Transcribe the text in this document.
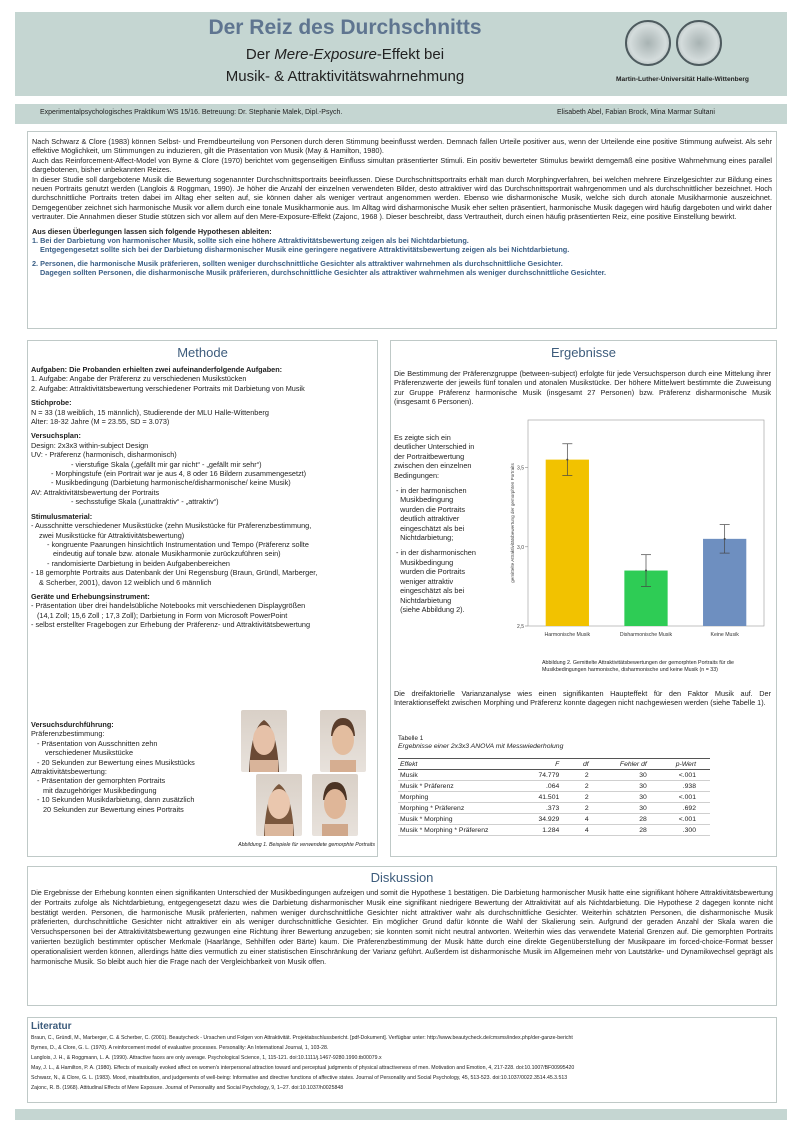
Der Reiz des Durchschnitts
Der Mere-Exposure-Effekt bei
Musik- & Attraktivitätswahrnehmung	Martin-Luther-Universität Halle-Wittenberg
Experimentalpsychologisches Praktikum WS 15/16. Betreuung: Dr. Stephanie Malek, Dipl.-Psych.	Elisabeth Abel, Fabian Brock, Mina Marmar Sultani
Nach Schwarz & Clore (1983) können Selbst- und Fremdbeurteilung von Personen durch deren Stimmung beeinflusst werden. Demnach fallen Urteile positiver aus, wenn der Urteilende eine positive Stimmung aufweist. Als sehr effektive Möglichkeit, um Stimmungen zu induzieren, gilt die Präsentation von Musik (May & Hamilton, 1980).
Auch das Reinforcement-Affect-Model von Byrne & Clore (1970) berichtet vom gegenseitigen Einfluss simultan präsentierter Stimuli. Ein positiv bewerteter Stimulus bewirkt demgemäß eine positive Wahrnehmung eines parallel dargebotenen, bisher unbekannten Reizes.
In dieser Studie soll dargebotene Musik die Bewertung sogenannter Durchschnittsportraits beeinflussen. Diese Durchschnittsportraits erhält man durch Morphingverfahren, bei welchen mehrere Einzelgesichter zur Bildung eines neuen Portraits genutzt werden (Langlois & Roggman, 1990). Je höher die Anzahl der einzelnen verwendeten Bilder, desto attraktiver wird das Durchschnittsportrait wahrgenommen und als durchschnittlicher bezeichnet. Hoch durchschnittliche Portraits treten dabei im Alltag eher selten auf, sie können daher als weniger vertraut angenommen werden. Ebenso wie disharmonische Musik, welche sich durch atonale Musikharmonie auszeichnet. Demgegenüber zeichnet sich harmonische Musik vor allem durch eine tonale Musikharmonie aus. Im Alltag wird disharmonische Musik eher selten präsentiert, harmonische Musik dagegen wird häufig dargeboten und wirkt daher vertrauter. Die Annahmen dieser Studie stützen sich vor allem auf den Mere-Exposure-Effekt (Zajonc, 1968 ). Dieser beschreibt, dass Vertrautheit, durch einen häufig präsentierten Reiz, eine positive Einstellung bewirkt.
Aus diesen Überlegungen lassen sich folgende Hypothesen ableiten:
1. Bei der Darbietung von harmonischer Musik, sollte sich eine höhere Attraktivitätsbewertung zeigen als bei Nichtdarbietung.
Entgegengesetzt sollte sich bei der Darbietung disharmonischer Musik eine geringere negativere Attraktivitätsbewertung zeigen als bei Nichtdarbietung.
2. Personen, die harmonische Musik präferieren, sollten weniger durchschnittliche Gesichter als attraktiver wahrnehmen als durchschnittliche Gesichter.
Dagegen sollten Personen, die disharmonische Musik präferieren, durchschnittliche Gesichter als attraktiver wahrnehmen als weniger durchschnittliche Gesichter.
Methode
Aufgaben: Die Probanden erhielten zwei aufeinanderfolgende Aufgaben:
1. Aufgabe: Angabe der Präferenz zu verschiedenen Musikstücken
2. Aufgabe: Attraktivitätsbewertung verschiedener Portraits mit Darbietung von Musik
Stichprobe:
N = 33 (18 weiblich, 15 männlich), Studierende der MLU Halle-Wittenberg
Alter: 18-32 Jahre (M = 23.55, SD = 3.073)
Versuchsplan:
Design: 2x3x3 within-subject Design
UV: - Präferenz (harmonisch, disharmonisch)
- vierstufige Skala („gefällt mir gar nicht“ - „gefällt mir sehr“)
- Morphingstufe (ein Portrait war je aus 4, 8 oder 16 Bildern zusammengesetzt)
- Musikbedingung (Darbietung harmonische/disharmonische/ keine Musik)
AV: Attraktivitätsbewertung der Portraits
- sechsstufige Skala („unattraktiv“ - „attraktiv“)
Stimulusmaterial:
- Ausschnitte verschiedener Musikstücke (zehn Musikstücke für Präferenzbestimmung,
zwei Musikstücke für Attraktivitätsbewertung)
- kongruente Paarungen hinsichtlich Instrumentation und Tempo (Präferenz sollte
eindeutig auf tonale bzw. atonale Musikharmonie zurückzuführen sein)
- randomisierte Darbietung in beiden Aufgabenbereichen
- 18 gemorphte Portraits aus Datenbank der Uni Regensburg (Braun, Gründl, Marberger,
& Scherber, 2001), davon 12 weiblich und 6 männlich
Geräte und Erhebungsinstrument:
- Präsentation über drei handelsübliche Notebooks mit verschiedenen Displaygrößen
(14,1 Zoll; 15,6 Zoll ; 17,3 Zoll); Darbietung in Form von Microsoft PowerPoint
- selbst erstellter Fragebogen zur Erhebung der Präferenz- und Attraktivitätsbewertung
Versuchsdurchführung:
Präferenzbestimmung:
- Präsentation von Ausschnitten zehn
verschiedener Musikstücke
- 20 Sekunden zur Bewertung eines Musikstücks
Attraktivitätsbewertung:
- Präsentation der gemorphten Portraits
mit dazugehöriger Musikbedingung
- 10 Sekunden Musikdarbietung, dann zusätzlich
20 Sekunden zur Bewertung eines Portraits
Abbildung 1. Beispiele für verwendete gemorphte Portraits
Ergebnisse
Die Bestimmung der Präferenzgruppe (between-subject) erfolgte für jede Versuchsperson durch eine Mittelung ihrer Präferenzwerte der jeweils fünf tonalen und atonalen Musikstücke. Der höhere Mittelwert bestimmte die Zuweisung zur Gruppe Präferenz harmonische Musik (insgesamt 27 Personen) bzw. Präferenz disharmonische Musik (insgesamt 6 Personen).
Es zeigte sich ein
deutlicher Unterschied in
der Portraitbewertung
zwischen den einzelnen
Bedingungen:
- in der harmonischen
Musikbedingung
wurden die Portraits
deutlich attraktiver
eingeschätzt als bei
Nichtdarbietung;
- in der disharmonischen
Musikbedingung
wurden die Portraits
weniger attraktiv
eingeschätzt als bei
Nichtdarbietung
(siehe Abbildung 2).
2,5
3,0
3,5
gemittelte Attraktivitätsbewertung der gemorphten Portraits
Harmonische Musik	Disharmonische Musik	Keine Musik
Abbildung 2. Gemittelte Attraktivitätsbewertungen der gemorphten Portraits für die Musikbedingungen harmonische, disharmonische und keine Musik (n = 33)
Die dreifaktorielle Varianzanalyse wies einen signifikanten Haupteffekt für den Faktor Musik auf. Der Interaktionseffekt zwischen Morphing und Präferenz konnte dagegen nicht nachgewiesen werden (siehe Tabelle 1).
Tabelle 1
Ergebnisse einer 2x3x3 ANOVA mit Messwiederholung
Effekt	F	df	Fehler df	p-Wert
Musik	74.779	2	30	<.001
Musik * Präferenz	.064	2	30	.938
Morphing	41.501	2	30	<.001
Morphing * Präferenz	.373	2	30	.692
Musik * Morphing	34.929	4	28	<.001
Musik * Morphing * Präferenz	1.284	4	28	.300
Diskussion
Die Ergebnisse der Erhebung konnten einen signifikanten Unterschied der Musikbedingungen aufzeigen und somit die Hypothese 1 bestätigen. Die Darbietung harmonischer Musik hatte eine signifikant höhere Attraktivitätsbewertung der Portraits zufolge als Nichtdarbietung, entgegengesetzt dazu wies die Darbietung disharmonischer Musik eine signifikant niedrigere Bewertung der Attraktivität auf als Nichtdarbietung. Die Hypothese 2 dagegen konnte nicht bestätigt werden. Personen, die harmonische Musik präferierten, nahmen weniger durchschnittliche Gesichter nicht attraktiver wahr als durchschnittliche Gesichter. Weiterhin schätzten Personen, die disharmonische Musik präferierten, durchschnittliche Gesichter nicht attraktiver ein als weniger durchschnittliche Gesichter. Ein möglicher Grund dafür könnte die Wahl der Skalierung sein. Aufgrund der geraden Anzahl der Skala waren die Versuchspersonen bei der Attraktivitätsbewertung gezwungen eine Richtung ihrer Bewertung anzugeben; sie konnten somit nicht neutral antworten. Weiterhin wies das verwendete Material Grenzen auf. Die gemorphten Portraits variierten bezüglich bestimmter optischer Merkmale (Haarlänge, Sehhilfen oder Bärte) kaum. Die Präferenzbestimmung der Musik hätte durch eine direkte Gegenüberstellung der Musikpaare im forced-choice-Format besser operationalisiert werden können, allerdings hätte dies vermutlich zu einer statistischen Einschränkung der Varianz geführt. Außerdem ist disharmonische Musik im Allgemeinen mehr von Lautstärke- und Dynamikwechsel geprägt als harmonische Musik. So bleibt auch hier die Frage nach der Vergleichbarkeit von Musik offen.
Literatur
Braun, C., Gründl, M., Marberger, C. & Scherber, C. (2001). Beautycheck - Ursachen und Folgen von Attraktivität. Projektabschlussbericht. [pdf-Dokument]. Verfügbar unter: http://www.beautycheck.de/cmsms/index.php/der-ganze-bericht
Byrnes, D., & Clore, G. L. (1970). A reinforcement model of evaluative processes. Personality: An International Journal, 1, 103-28.
Langlois, J. H., & Roggmann, L. A. (1990). Attractive faces are only average. Psychological Science, 1, 115-121. doi:10.1111/j.1467-9280.1990.tb00079.x
May, J. L., & Hamilton, P. A. (1980). Effects of musically evoked affect on women's interpersonal attraction toward and perceptual judgments of physical attractiveness of men. Motivation and Emotion, 4, 217-228. doi:10.1007/BF00995420
Schwarz, N., & Clore, G. L. (1983). Mood, misattribution, and judgements of well-being: Informative and directive functions of affective states. Journal of Personality and Social Psychology, 45, 513-523. doi:10.1037/0022.3514.45.3.513
Zajonc, R. B. (1968). Attitudinal Effects of Mere Exposure. Journal of Personality and Social Psychology, 9, 1–27. doi:10.1037/h0025848
